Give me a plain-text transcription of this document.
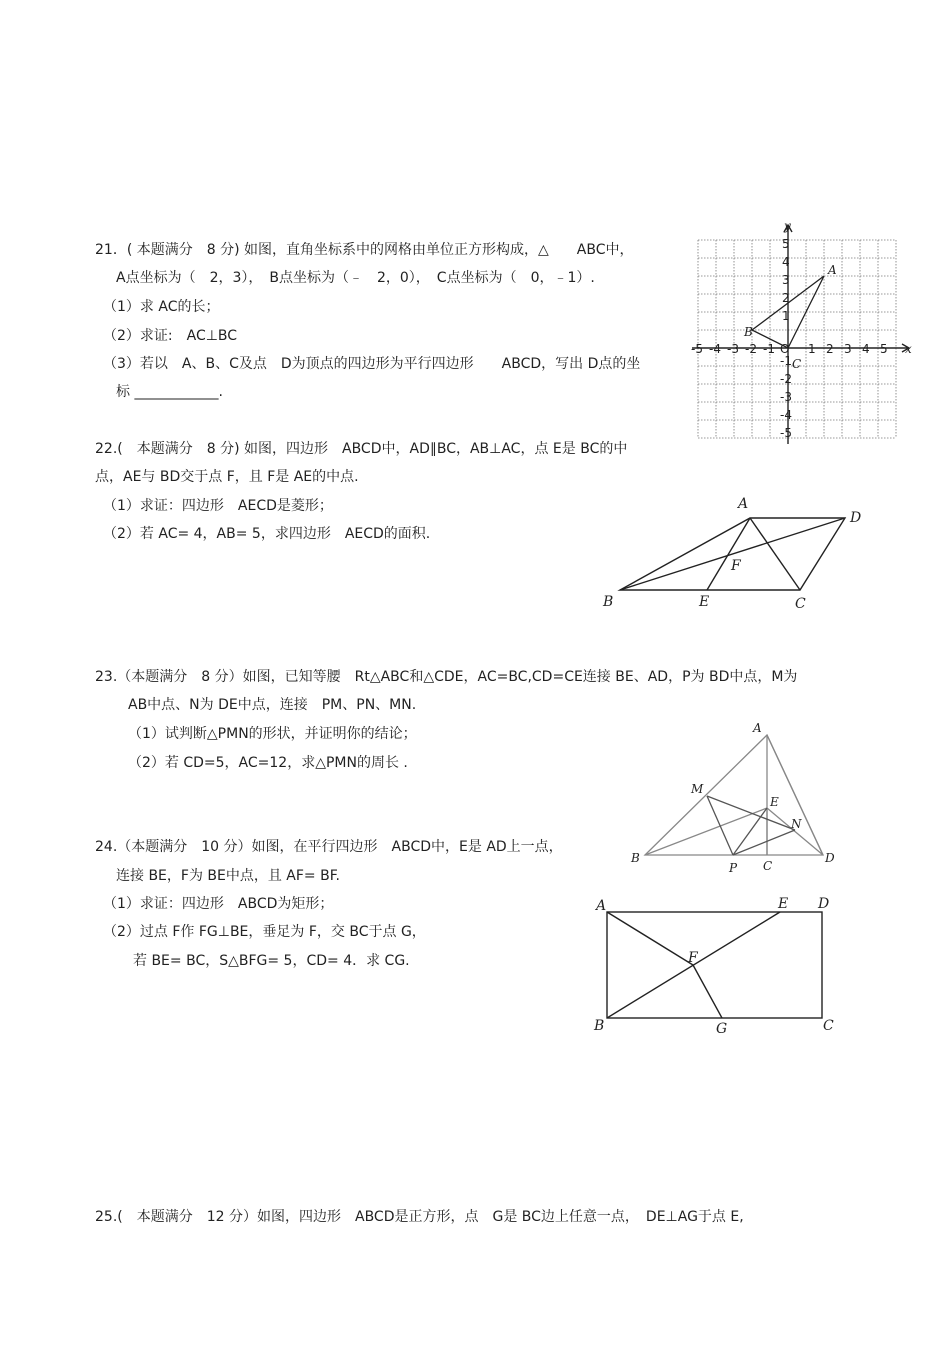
21．( 本题满分　8 分) 如图，直角坐标系中的网格由单位正方形构成，△　　ABC中，
A点坐标为（　2，3），　B点坐标为（﹣　2，0），　C点坐标为（　0，﹣1）.
（1）求 AC的长；
（2）求证:　AC⊥BC
（3）若以　A、B、C及点　D为顶点的四边形为平行四边形　　ABCD，写出 D点的坐
标 ____________.
x
y
-5 -4 -3 -2 -1 O 1 2 3 4 5
5
4
3
2
1
-1
-2
-3
-4
-5
A
B
C
22.(　本题满分　8 分) 如图，四边形　ABCD中，AD∥BC，AB⊥AC，点 E是 BC的中
点，AE与 BD交于点 F，且 F是 AE的中点.
（1）求证：四边形　AECD是菱形；
（2）若 AC= 4，AB= 5，求四边形　AECD的面积.
A
B	C
D
E
F
23.（本题满分　8 分）如图，已知等腰　Rt△ABC和△CDE，AC=BC,CD=CE连接 BE、AD，P为 BD中点，M为
AB中点、N为 DE中点，连接　PM、PN、MN.
（1）试判断△PMN的形状，并证明你的结论；
（2）若 CD=5，AC=12，求△PMN的周长 .
A
B
C
D
E
M
N
P
24.（本题满分　10 分）如图，在平行四边形　ABCD中，E是 AD上一点，
连接 BE，F为 BE中点，且 AF= BF.
（1）求证：四边形　ABCD为矩形；
（2）过点 F作 FG⊥BE，垂足为 F，交 BC于点 G，
若 BE= BC，S△BFG= 5，CD= 4．求 CG.
A
B	C
D
E
F
G
25.(　本题满分　12 分）如图，四边形　ABCD是正方形，点　G是 BC边上任意一点，　DE⊥AG于点 E,
